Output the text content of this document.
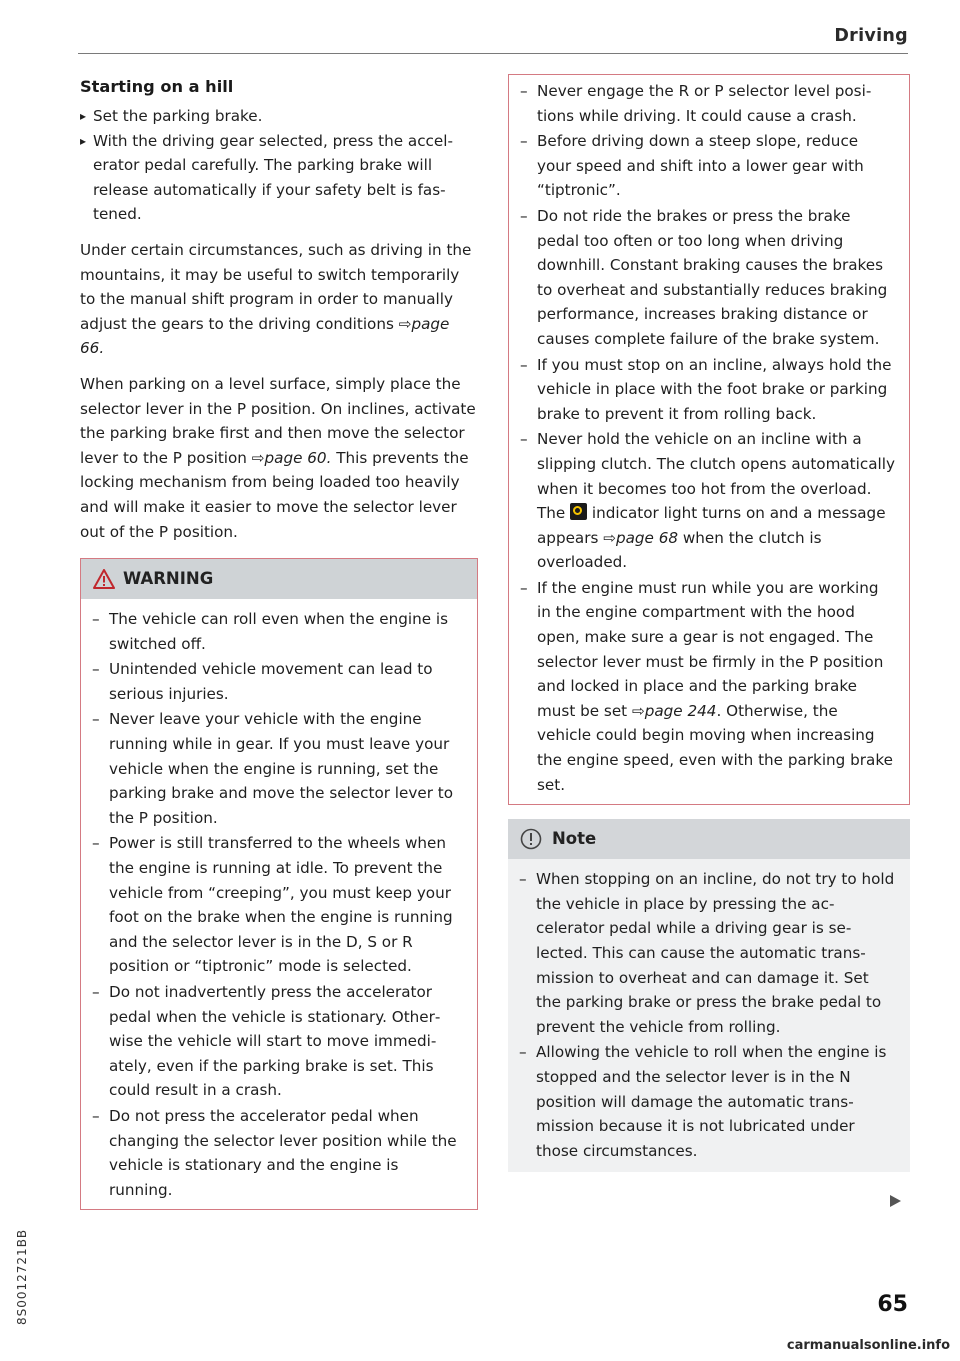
Driving
Starting on a hill
▸ Set the parking brake.
▸ With the driving gear selected, press the accelerator pedal carefully. The parking brake will release automatically if your safety belt is fastened.

Under certain circumstances, such as driving in the mountains, it may be useful to switch temporarily to the manual shift program in order to manually adjust the gears to the driving conditions ⇨page 66.

When parking on a level surface, simply place the selector lever in the P position. On inclines, activate the parking brake first and then move the selector lever to the P position ⇨page 60. This prevents the locking mechanism from being loaded too heavily and will make it easier to move the selector lever out of the P position.

WARNING
– The vehicle can roll even when the engine is switched off.
– Unintended vehicle movement can lead to serious injuries.
– Never leave your vehicle with the engine running while in gear. If you must leave your vehicle when the engine is running, set the parking brake and move the selector lever to the P position.
– Power is still transferred to the wheels when the engine is running at idle. To prevent the vehicle from “creeping”, you must keep your foot on the brake when the engine is running and the selector lever is in the D, S or R position or “tiptronic” mode is selected.
– Do not inadvertently press the accelerator pedal when the vehicle is stationary. Otherwise the vehicle will start to move immediately, even if the parking brake is set. This could result in a crash.
– Do not press the accelerator pedal when changing the selector lever position while the vehicle is stationary and the engine is running.
– Never engage the R or P selector level positions while driving. It could cause a crash.
– Before driving down a steep slope, reduce your speed and shift into a lower gear with “tiptronic”.
– Do not ride the brakes or press the brake pedal too often or too long when driving downhill. Constant braking causes the brakes to overheat and substantially reduces braking performance, increases braking distance or causes complete failure of the brake system.
– If you must stop on an incline, always hold the vehicle in place with the foot brake or parking brake to prevent it from rolling back.
– Never hold the vehicle on an incline with a slipping clutch. The clutch opens automatically when it becomes too hot from the overload. The  indicator light turns on and a message appears ⇨page 68 when the clutch is overloaded.
– If the engine must run while you are working in the engine compartment with the hood open, make sure a gear is not engaged. The selector lever must be firmly in the P position and locked in place and the parking brake must be set ⇨page 244. Otherwise, the vehicle could begin moving when increasing the engine speed, even with the parking brake set.
Note
– When stopping on an incline, do not try to hold the vehicle in place by pressing the accelerator pedal while a driving gear is selected. This can cause the automatic transmission to overheat and can damage it. Set the parking brake or press the brake pedal to prevent the vehicle from rolling.
– Allowing the vehicle to roll when the engine is stopped and the selector lever is in the N position will damage the automatic transmission because it is not lubricated under those circumstances.
65
8S0012721BB
carmanualsonline.info
